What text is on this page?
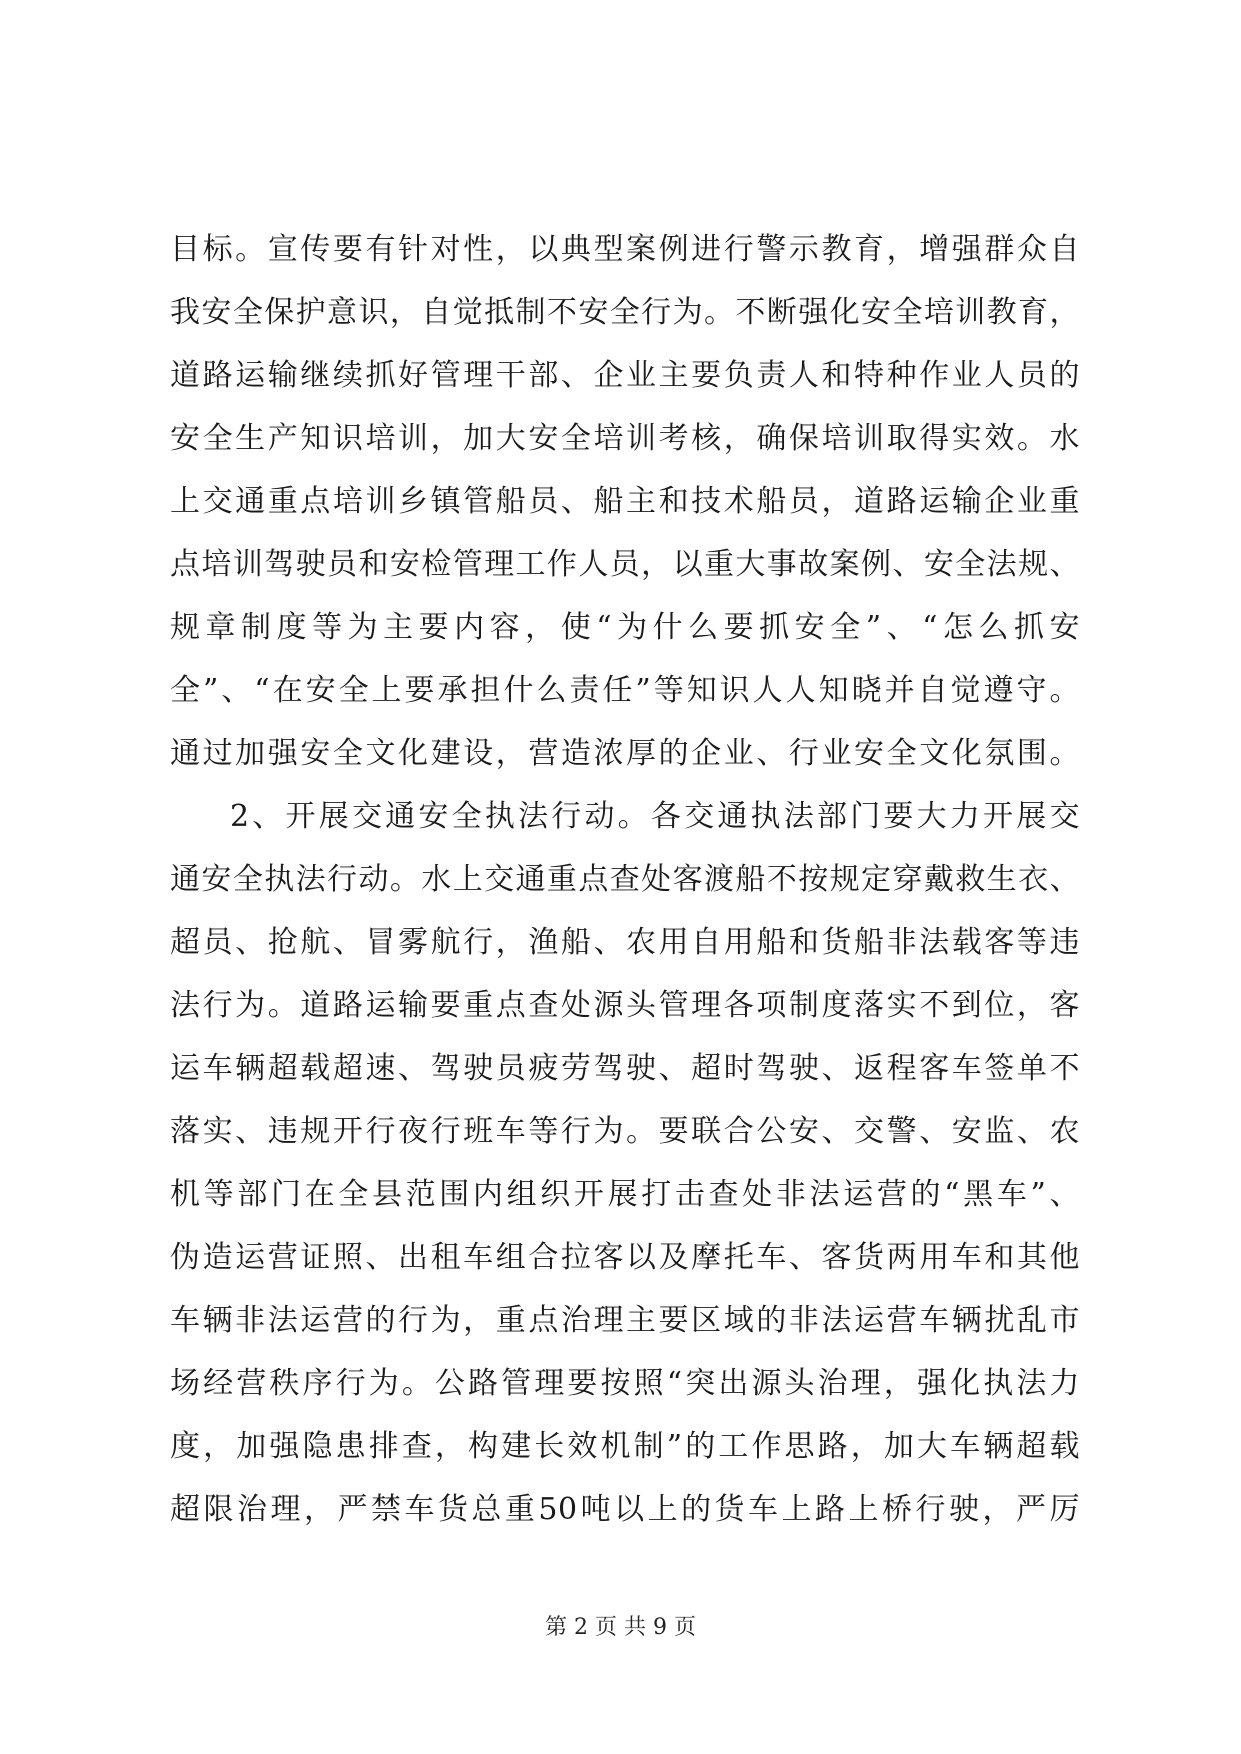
目标。宣传要有针对性，以典型案例进行警示教育，增强群众自
我安全保护意识，自觉抵制不安全行为。不断强化安全培训教育，
道路运输继续抓好管理干部、企业主要负责人和特种作业人员的
安全生产知识培训，加大安全培训考核，确保培训取得实效。水
上交通重点培训乡镇管船员、船主和技术船员，道路运输企业重
点培训驾驶员和安检管理工作人员，以重大事故案例、安全法规、
规章制度等为主要内容，使“为什么要抓安全”、“怎么抓安
全”、“在安全上要承担什么责任”等知识人人知晓并自觉遵守。
通过加强安全文化建设，营造浓厚的企业、行业安全文化氛围。
2、开展交通安全执法行动。各交通执法部门要大力开展交
通安全执法行动。水上交通重点查处客渡船不按规定穿戴救生衣、
超员、抢航、冒雾航行，渔船、农用自用船和货船非法载客等违
法行为。道路运输要重点查处源头管理各项制度落实不到位，客
运车辆超载超速、驾驶员疲劳驾驶、超时驾驶、返程客车签单不
落实、违规开行夜行班车等行为。要联合公安、交警、安监、农
机等部门在全县范围内组织开展打击查处非法运营的“黑车”、
伪造运营证照、出租车组合拉客以及摩托车、客货两用车和其他
车辆非法运营的行为，重点治理主要区域的非法运营车辆扰乱市
场经营秩序行为。公路管理要按照“突出源头治理，强化执法力
度，加强隐患排查，构建长效机制”的工作思路，加大车辆超载
超限治理，严禁车货总重50吨以上的货车上路上桥行驶，严厉
第 2 页 共 9 页
